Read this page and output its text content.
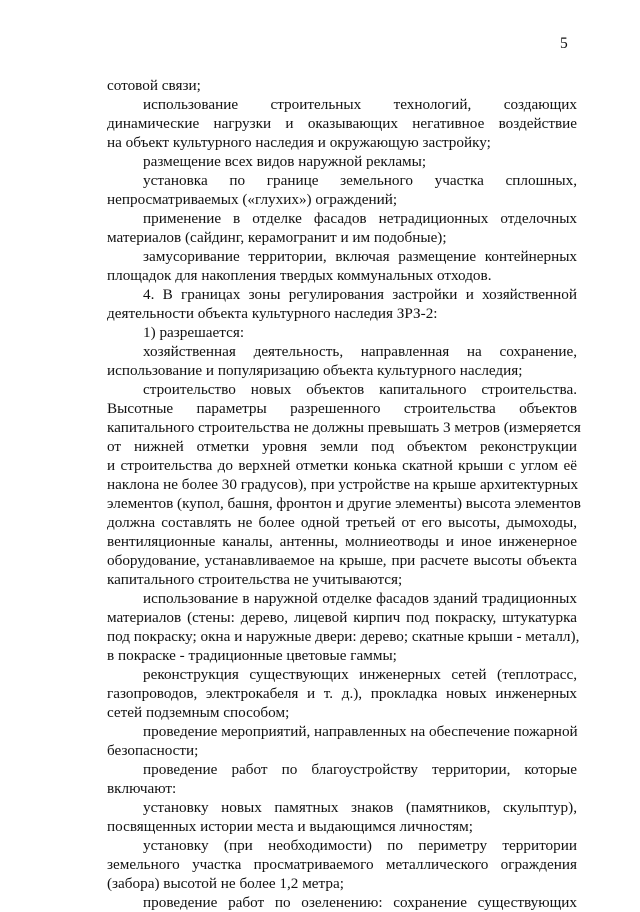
5
сотовой связи;
использование строительных технологий, создающих
динамические нагрузки и оказывающих негативное воздействие
на объект культурного наследия и окружающую застройку;
размещение всех видов наружной рекламы;
установка по границе земельного участка сплошных,
непросматриваемых («глухих») ограждений;
применение в отделке фасадов нетрадиционных отделочных
материалов (сайдинг, керамогранит и им подобные);
замусоривание территории, включая размещение контейнерных
площадок для накопления твердых коммунальных отходов.
4. В границах зоны регулирования застройки и хозяйственной
деятельности объекта культурного наследия ЗРЗ-2:
1) разрешается:
хозяйственная деятельность, направленная на сохранение,
использование и популяризацию объекта культурного наследия;
строительство новых объектов капитального строительства.
Высотные параметры разрешенного строительства объектов
капитального строительства не должны превышать 3 метров (измеряется
от нижней отметки уровня земли под объектом реконструкции
и строительства до верхней отметки конька скатной крыши с углом её
наклона не более 30 градусов), при устройстве на крыше архитектурных
элементов (купол, башня, фронтон и другие элементы) высота элементов
должна составлять не более одной третьей от его высоты, дымоходы,
вентиляционные каналы, антенны, молниеотводы и иное инженерное
оборудование, устанавливаемое на крыше, при расчете высоты объекта
капитального строительства не учитываются;
использование в наружной отделке фасадов зданий традиционных
материалов (стены: дерево, лицевой кирпич под покраску, штукатурка
под покраску; окна и наружные двери: дерево; скатные крыши - металл),
в покраске - традиционные цветовые гаммы;
реконструкция существующих инженерных сетей (теплотрасс,
газопроводов, электрокабеля и т. д.), прокладка новых инженерных
сетей подземным способом;
проведение мероприятий, направленных на обеспечение пожарной
безопасности;
проведение работ по благоустройству территории, которые
включают:
установку новых памятных знаков (памятников, скульптур),
посвященных истории места и выдающимся личностям;
установку (при необходимости) по периметру территории
земельного участка просматриваемого металлического ограждения
(забора) высотой не более 1,2 метра;
проведение работ по озеленению: сохранение существующих
